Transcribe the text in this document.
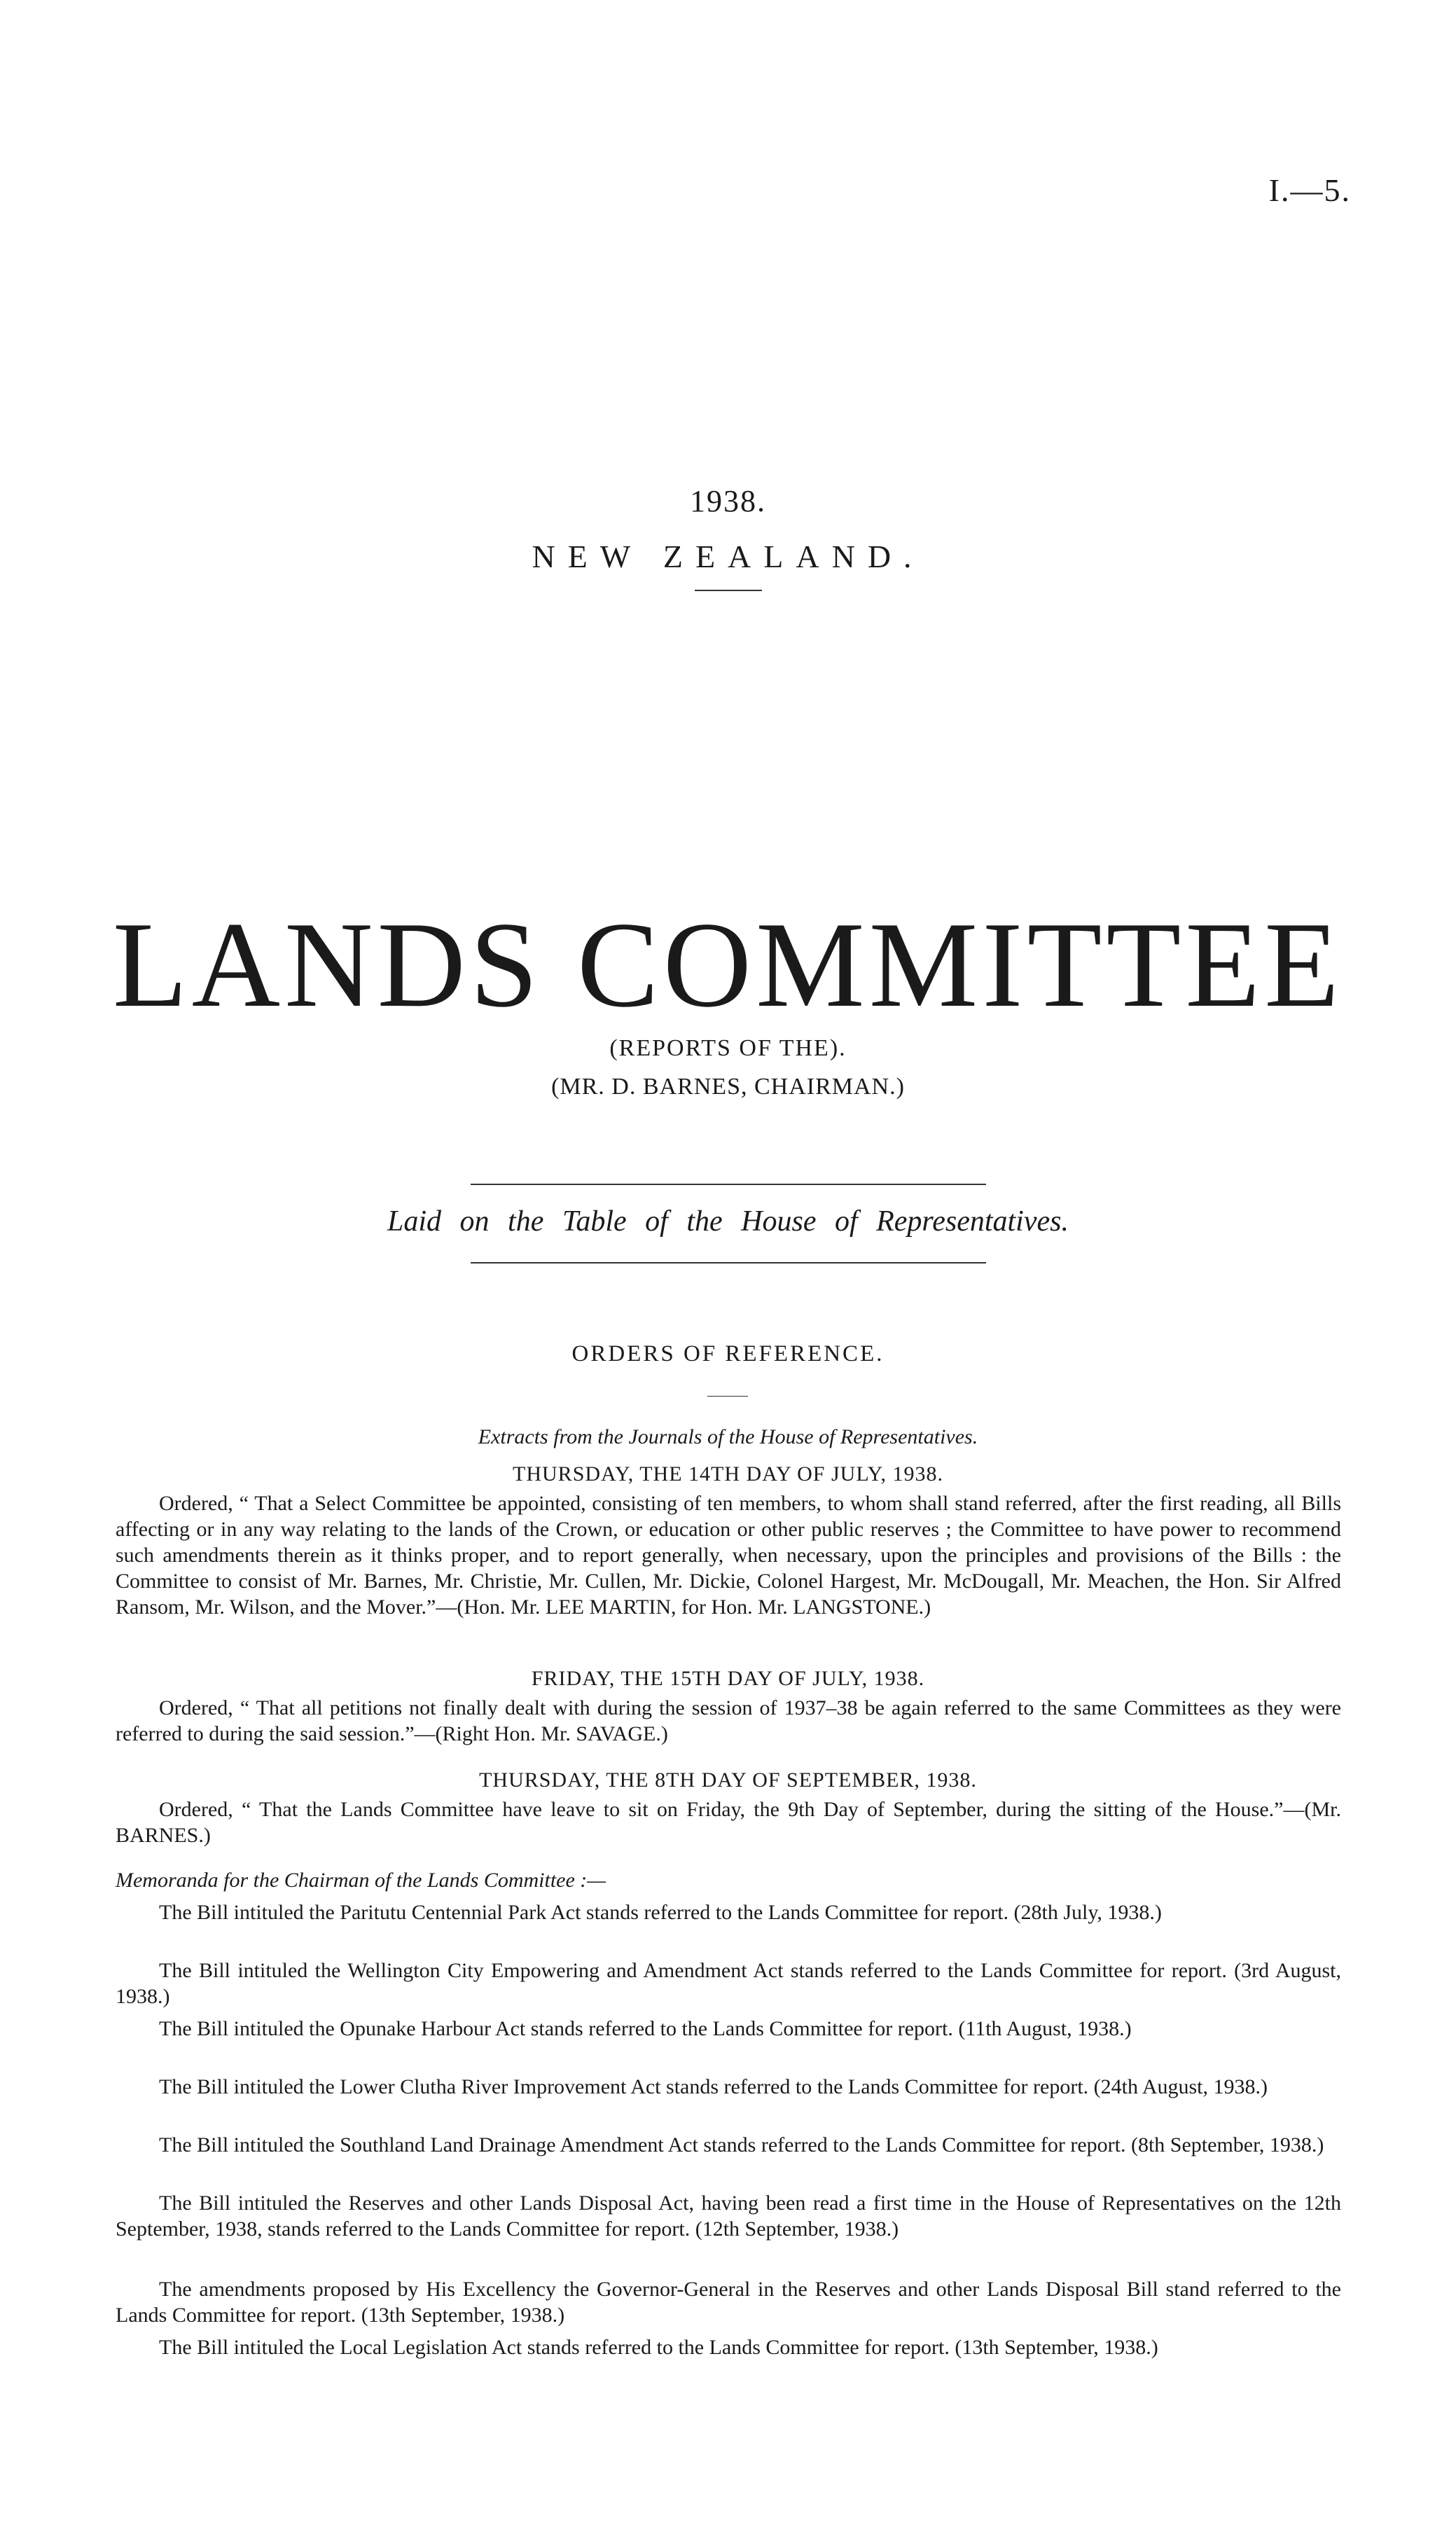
I.—5.
1938.
NEW ZEALAND.
LANDS COMMITTEE
(REPORTS OF THE).
(MR. D. BARNES, CHAIRMAN.)
Laid on the Table of the House of Representatives.
ORDERS OF REFERENCE.
Extracts from the Journals of the House of Representatives.
THURSDAY, THE 14TH DAY OF JULY, 1938.
Ordered, “ That a Select Committee be appointed, consisting of ten members, to whom shall stand referred, after the first reading, all Bills affecting or in any way relating to the lands of the Crown, or education or other public reserves ; the Committee to have power to recommend such amendments therein as it thinks proper, and to report generally, when necessary, upon the principles and provisions of the Bills : the Committee to consist of Mr. Barnes, Mr. Christie, Mr. Cullen, Mr. Dickie, Colonel Hargest, Mr. McDougall, Mr. Meachen, the Hon. Sir Alfred Ransom, Mr. Wilson, and the Mover.”—(Hon. Mr. LEE MARTIN, for Hon. Mr. LANGSTONE.)
FRIDAY, THE 15TH DAY OF JULY, 1938.
Ordered, “ That all petitions not finally dealt with during the session of 1937–38 be again referred to the same Committees as they were referred to during the said session.”—(Right Hon. Mr. SAVAGE.)
THURSDAY, THE 8TH DAY OF SEPTEMBER, 1938.
Ordered, “ That the Lands Committee have leave to sit on Friday, the 9th Day of September, during the sitting of the House.”—(Mr. BARNES.)
Memoranda for the Chairman of the Lands Committee :—
The Bill intituled the Paritutu Centennial Park Act stands referred to the Lands Committee for report. (28th July, 1938.)
The Bill intituled the Wellington City Empowering and Amendment Act stands referred to the Lands Committee for report. (3rd August, 1938.)
The Bill intituled the Opunake Harbour Act stands referred to the Lands Committee for report. (11th August, 1938.)
The Bill intituled the Lower Clutha River Improvement Act stands referred to the Lands Committee for report. (24th August, 1938.)
The Bill intituled the Southland Land Drainage Amendment Act stands referred to the Lands Committee for report. (8th September, 1938.)
The Bill intituled the Reserves and other Lands Disposal Act, having been read a first time in the House of Representatives on the 12th September, 1938, stands referred to the Lands Committee for report. (12th September, 1938.)
The amendments proposed by His Excellency the Governor-General in the Reserves and other Lands Disposal Bill stand referred to the Lands Committee for report. (13th September, 1938.)
The Bill intituled the Local Legislation Act stands referred to the Lands Committee for report. (13th September, 1938.)
